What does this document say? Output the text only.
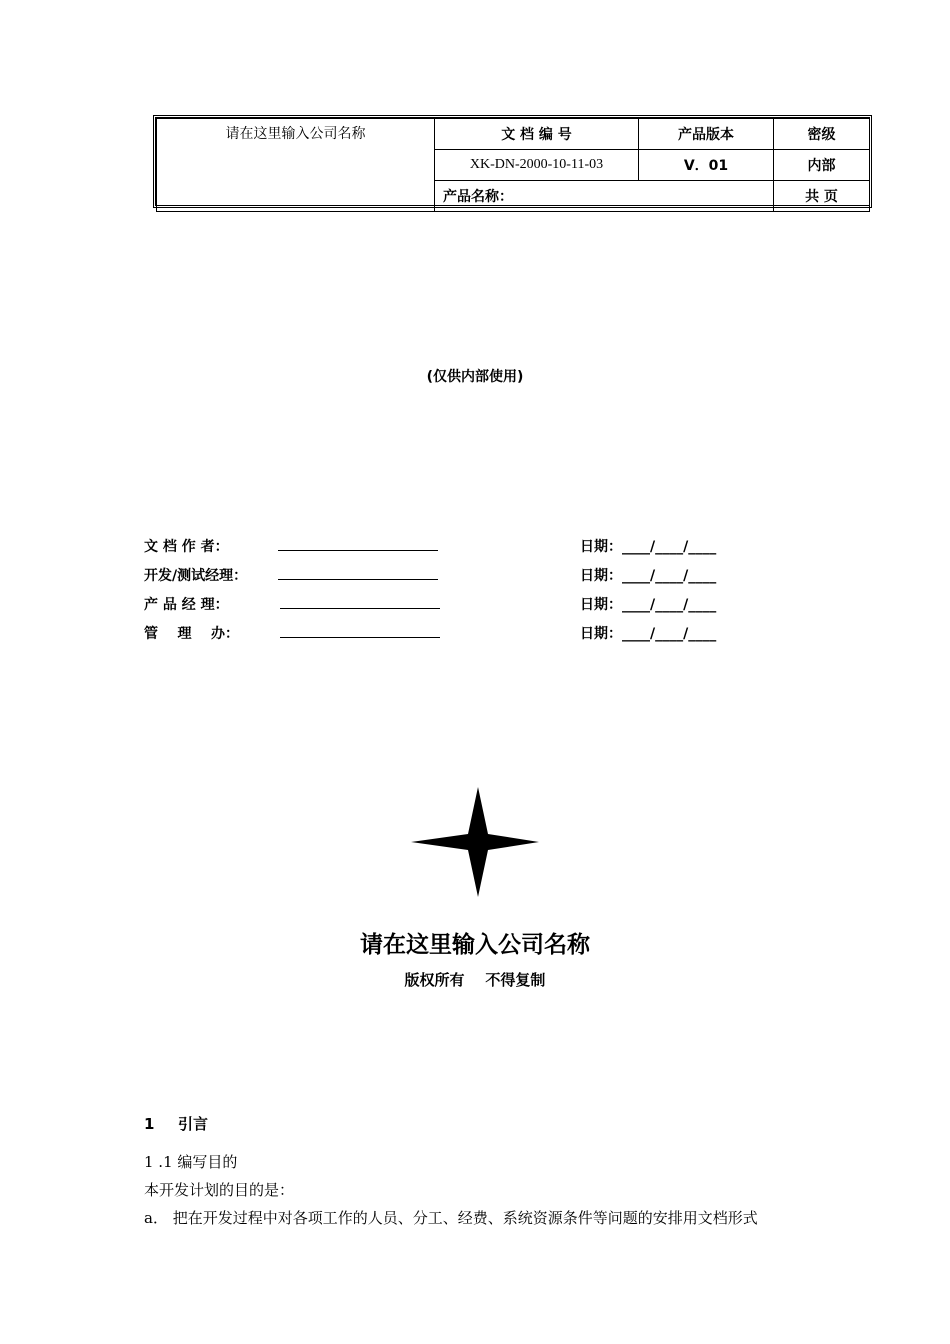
请在这里输入公司名称	文 档 编 号	产品版本	密级
	XK-DN-2000-10-11-03	V．01	内部
	产品名称：		共 页
(仅供内部使用)
文 档 作 者：	日期：____/____/____
开发/测试经理：	日期：____/____/____
产 品 经 理：	日期：____/____/____
管    理    办：	日期：____/____/____
请在这里输入公司名称
版权所有    不得复制
1 引言
1 .1 编写目的
本开发计划的目的是：
a． 把在开发过程中对各项工作的人员、分工、经费、系统资源条件等问题的安排用文档形式
